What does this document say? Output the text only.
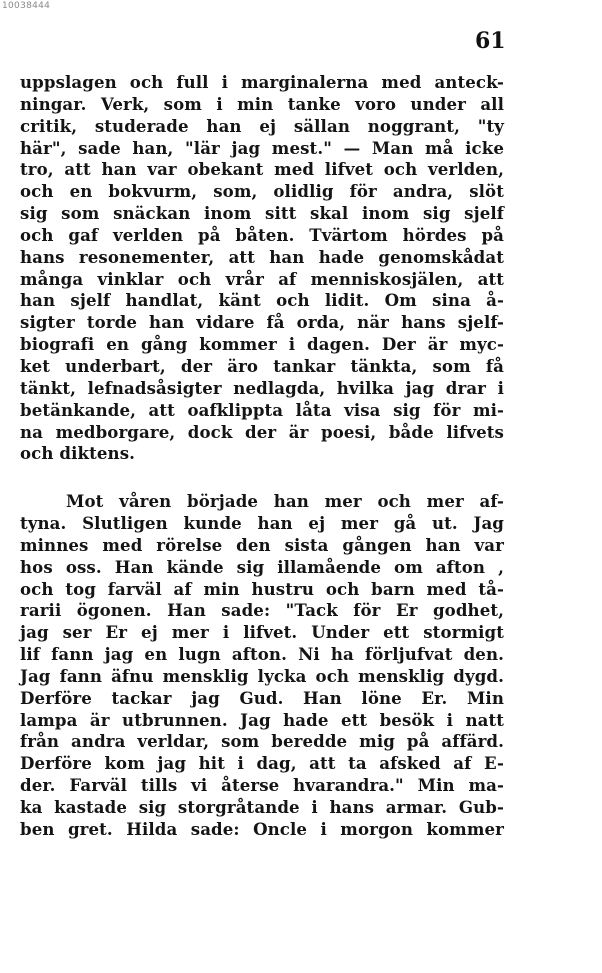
10038444
61
uppslagen och full i marginalerna med anteck-
ningar. Verk, som i min tanke voro under all
critik, studerade han ej sällan noggrant, "ty
här", sade han, "lär jag mest." — Man må icke
tro, att han var obekant med lifvet och verlden,
och en bokvurm, som, olidlig för andra, slöt
sig som snäckan inom sitt skal inom sig sjelf
och gaf verlden på båten. Tvärtom hördes på
hans resonementer, att han hade genomskådat
många vinklar och vrår af menniskosjälen, att
han sjelf handlat, känt och lidit. Om sina å-
sigter torde han vidare få orda, när hans sjelf-
biografi en gång kommer i dagen. Der är myc-
ket underbart, der äro tankar tänkta, som få
tänkt, lefnadsåsigter nedlagda, hvilka jag drar i
betänkande, att oafklippta låta visa sig för mi-
na medborgare, dock der är poesi, både lifvets
och diktens.
Mot våren började han mer och mer af-
tyna. Slutligen kunde han ej mer gå ut. Jag
minnes med rörelse den sista gången han var
hos oss. Han kände sig illamående om afton ,
och tog farväl af min hustru och barn med tå-
rarii ögonen. Han sade: "Tack för Er godhet,
jag ser Er ej mer i lifvet. Under ett stormigt
lif fann jag en lugn afton. Ni ha förljufvat den.
Jag fann äfnu mensklig lycka och mensklig dygd.
Derföre tackar jag Gud. Han löne Er. Min
lampa är utbrunnen. Jag hade ett besök i natt
från andra verldar, som beredde mig på affärd.
Derföre kom jag hit i dag, att ta afsked af E-
der. Farväl tills vi återse hvarandra." Min ma-
ka kastade sig storgråtande i hans armar. Gub-
ben gret. Hilda sade: Oncle i morgon kommer
